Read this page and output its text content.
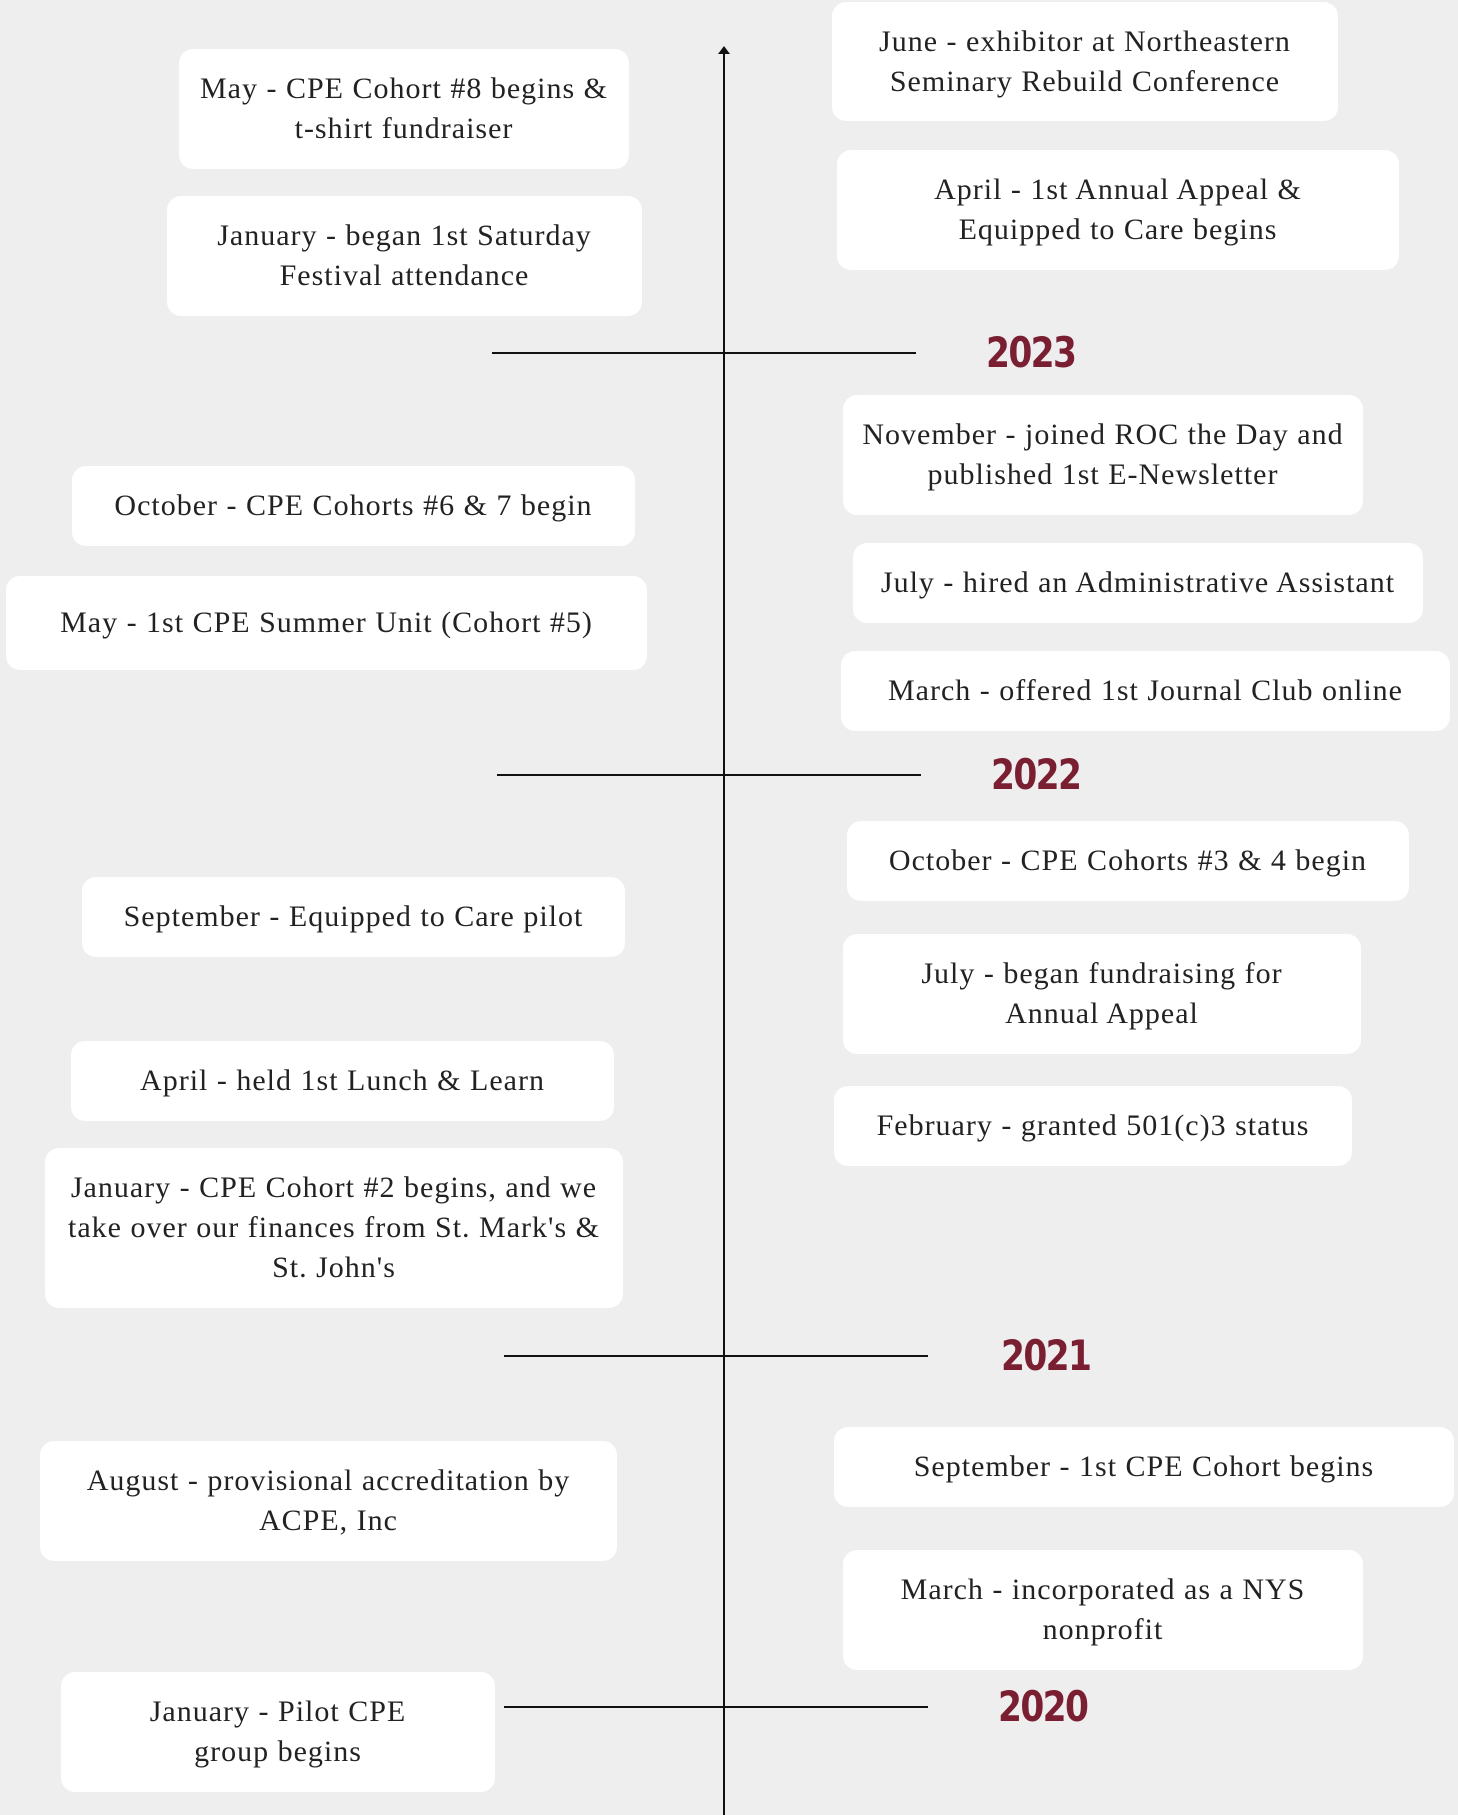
2023
2022
2021
2020
June - exhibitor at Northeastern Seminary Rebuild Conference
April - 1st Annual Appeal & Equipped to Care begins
November - joined ROC the Day and published 1st E-Newsletter
July - hired an Administrative Assistant
March - offered 1st Journal Club online
October - CPE Cohorts #3 & 4 begin
July - began fundraising for Annual Appeal
February - granted 501(c)3 status
September - 1st CPE Cohort begins
March - incorporated as a NYS nonprofit
May - CPE Cohort #8 begins & t-shirt fundraiser
January - began 1st Saturday Festival attendance
October - CPE Cohorts #6 & 7 begin
May - 1st CPE Summer Unit (Cohort #5)
September - Equipped to Care pilot
April - held 1st Lunch & Learn
January - CPE Cohort #2 begins, and we take over our finances from St. Mark's & St. John's
August - provisional accreditation by ACPE, Inc
January - Pilot CPE group begins
